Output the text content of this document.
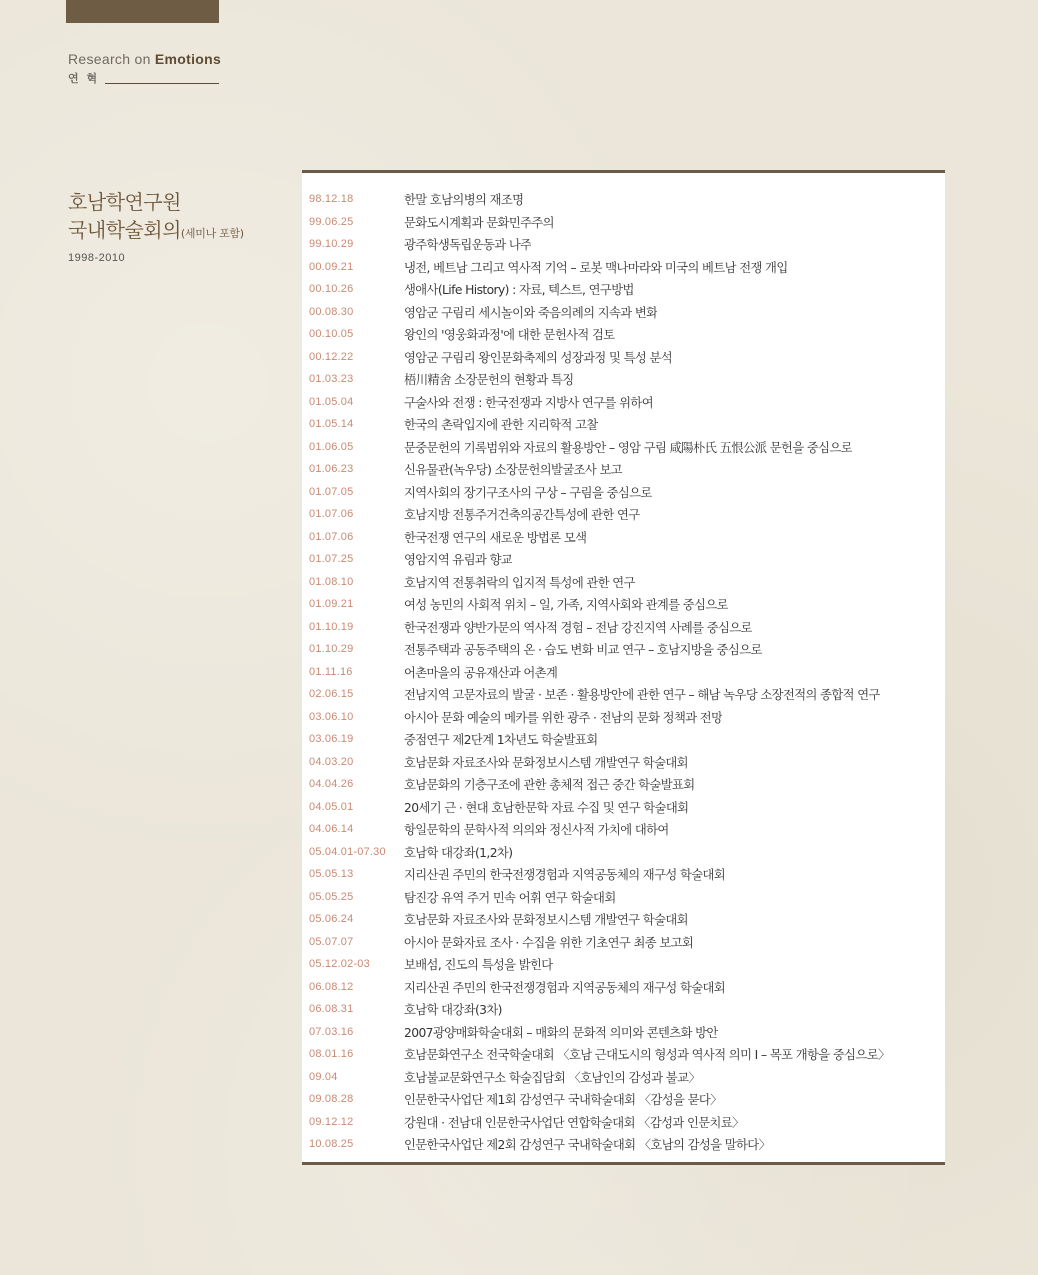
Research on Emotions
연 혁
호남학연구원
국내학술회의(세미나 포함)
1998-2010
98.12.18	한말 호남의병의 재조명
99.06.25	문화도시계획과 문화민주주의
99.10.29	광주학생독립운동과 나주
00.09.21	냉전, 베트남 그리고 역사적 기억 – 로봇 맥나마라와 미국의 베트남 전쟁 개입
00.10.26	생애사(Life History) : 자료, 텍스트, 연구방법
00.08.30	영암군 구림리 세시놀이와 죽음의례의 지속과 변화
00.10.05	왕인의 '영웅화과정'에 대한 문헌사적 검토
00.12.22	영암군 구림리 왕인문화축제의 성장과정 및 특성 분석
01.03.23	梧川精舍 소장문헌의 현황과 특징
01.05.04	구술사와 전쟁 : 한국전쟁과 지방사 연구를 위하여
01.05.14	한국의 촌락입지에 관한 지리학적 고찰
01.06.05	문중문헌의 기록범위와 자료의 활용방안 – 영암 구림 咸陽朴氏 五恨公派 문헌을 중심으로
01.06.23	신유물관(녹우당) 소장문헌의발굴조사 보고
01.07.05	지역사회의 장기구조사의 구상 – 구림을 중심으로
01.07.06	호남지방 전통주거건축의공간특성에 관한 연구
01.07.06	한국전쟁 연구의 새로운 방법론 모색
01.07.25	영암지역 유림과 향교
01.08.10	호남지역 전통취락의 입지적 특성에 관한 연구
01.09.21	여성 농민의 사회적 위치 – 일, 가족, 지역사회와 관계를 중심으로
01.10.19	한국전쟁과 양반가문의 역사적 경험 – 전남 강진지역 사례를 중심으로
01.10.29	전통주택과 공동주택의 온 · 습도 변화 비교 연구 – 호남지방을 중심으로
01.11.16	어촌마을의 공유재산과 어촌계
02.06.15	전남지역 고문자료의 발굴 · 보존 · 활용방안에 관한 연구 – 해남 녹우당 소장전적의 종합적 연구
03.06.10	아시아 문화 예술의 메카를 위한 광주 · 전남의 문화 정책과 전망
03.06.19	중점연구 제2단계 1차년도 학술발표회
04.03.20	호남문화 자료조사와 문화정보시스템 개발연구 학술대회
04.04.26	호남문화의 기층구조에 관한 총체적 접근 중간 학술발표회
04.05.01	20세기 근 · 현대 호남한문학 자료 수집 및 연구 학술대회
04.06.14	항일문학의 문학사적 의의와 정신사적 가치에 대하여
05.04.01-07.30	호남학 대강좌(1,2차)
05.05.13	지리산권 주민의 한국전쟁경험과 지역공동체의 재구성 학술대회
05.05.25	탐진강 유역 주거 민속 어휘 연구 학술대회
05.06.24	호남문화 자료조사와 문화정보시스템 개발연구 학술대회
05.07.07	아시아 문화자료 조사 · 수집을 위한 기초연구 최종 보고회
05.12.02-03	보배섬, 진도의 특성을 밝힌다
06.08.12	지리산권 주민의 한국전쟁경험과 지역공동체의 재구성 학술대회
06.08.31	호남학 대강좌(3차)
07.03.16	2007광양매화학술대회 – 매화의 문화적 의미와 콘텐츠화 방안
08.01.16	호남문화연구소 전국학술대회 〈호남 근대도시의 형성과 역사적 의미 I – 목포 개항을 중심으로〉
09.04	호남불교문화연구소 학술집담회 〈호남인의 감성과 불교〉
09.08.28	인문한국사업단 제1회 감성연구 국내학술대회 〈감성을 묻다〉
09.12.12	강원대 · 전남대 인문한국사업단 연합학술대회 〈감성과 인문치료〉
10.08.25	인문한국사업단 제2회 감성연구 국내학술대회 〈호남의 감성을 말하다〉
